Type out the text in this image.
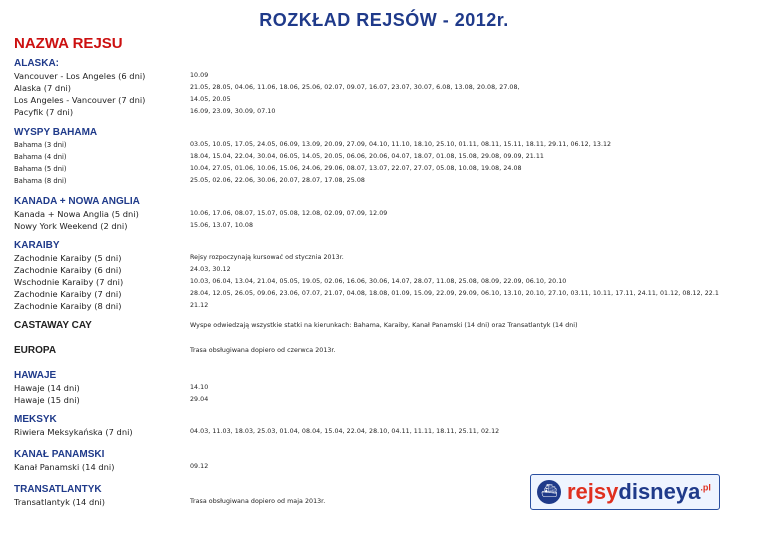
ROZKŁAD REJSÓW - 2012r.
NAZWA REJSU
ALASKA:
Vancouver - Los Angeles (6 dni)	10.09
Alaska (7 dni)	21.05, 28.05, 04.06, 11.06, 18.06, 25.06, 02.07, 09.07, 16.07, 23.07, 30.07, 6.08, 13.08, 20.08, 27.08,
Los Angeles - Vancouver (7 dni)	14.05, 20.05
Pacyfik (7 dni)	16.09, 23.09, 30.09, 07.10
WYSPY BAHAMA
Bahama (3 dni)	03.05, 10.05, 17.05, 24.05, 06.09, 13.09, 20.09, 27.09, 04.10, 11.10, 18.10, 25.10, 01.11, 08.11, 15.11, 18.11, 29.11, 06.12, 13.12
Bahama (4 dni)	18.04, 15.04, 22.04, 30.04, 06.05, 14.05, 20.05, 06.06, 20.06, 04.07, 18.07, 01.08, 15.08, 29.08, 09.09, 21.11
Bahama (5 dni)	10.04, 27.05, 01.06, 10.06, 15.06, 24.06, 29.06, 08.07, 13.07, 22.07, 27.07, 05.08, 10.08, 19.08, 24.08
Bahama (8 dni)	25.05, 02.06, 22.06, 30.06, 20.07, 28.07, 17.08, 25.08
KANADA + NOWA ANGLIA
Kanada + Nowa Anglia (5 dni)	10.06, 17.06, 08.07, 15.07, 05.08, 12.08, 02.09, 07.09, 12.09
Nowy York Weekend (2 dni)	15.06, 13.07, 10.08
KARAIBY
Zachodnie Karaiby (5 dni)	Rejsy rozpoczynają kursować od stycznia 2013r.
Zachodnie Karaiby (6 dni)	24.03, 30.12
Wschodnie Karaiby (7 dni)	10.03, 06.04, 13.04, 21.04, 05.05, 19.05, 02.06, 16.06, 30.06, 14.07, 28.07, 11.08, 25.08, 08.09, 22.09, 06.10, 20.10
Zachodnie Karaiby (7 dni)	28.04, 12.05, 26.05, 09.06, 23.06, 07.07, 21.07, 04.08, 18.08, 01.09, 15.09, 22.09, 29.09, 06.10, 13.10, 20.10, 27.10, 03.11, 10.11, 17.11, 24.11, 01.12, 08.12, 22.1
Zachodnie Karaiby (8 dni)	21.12
CASTAWAY CAY	Wyspe odwiedzają wszystkie statki na kierunkach: Bahama, Karaiby, Kanał Panamski (14 dni) oraz Transatlantyk (14 dni)
EUROPA	Trasa obsługiwana dopiero od czerwca 2013r.
HAWAJE
Hawaje (14 dni)	14.10
Hawaje (15 dni)	29.04
MEKSYK
Riwiera Meksykańska (7 dni)	04.03, 11.03, 18.03, 25.03, 01.04, 08.04, 15.04, 22.04, 28.10, 04.11, 11.11, 18.11, 25.11, 02.12
KANAŁ PANAMSKI
Kanał Panamski (14 dni)	09.12
TRANSATLANTYK
Transatlantyk (14 dni)	Trasa obsługiwana dopiero od maja 2013r.
⛴ rejsydisneya$^{.pl}$
